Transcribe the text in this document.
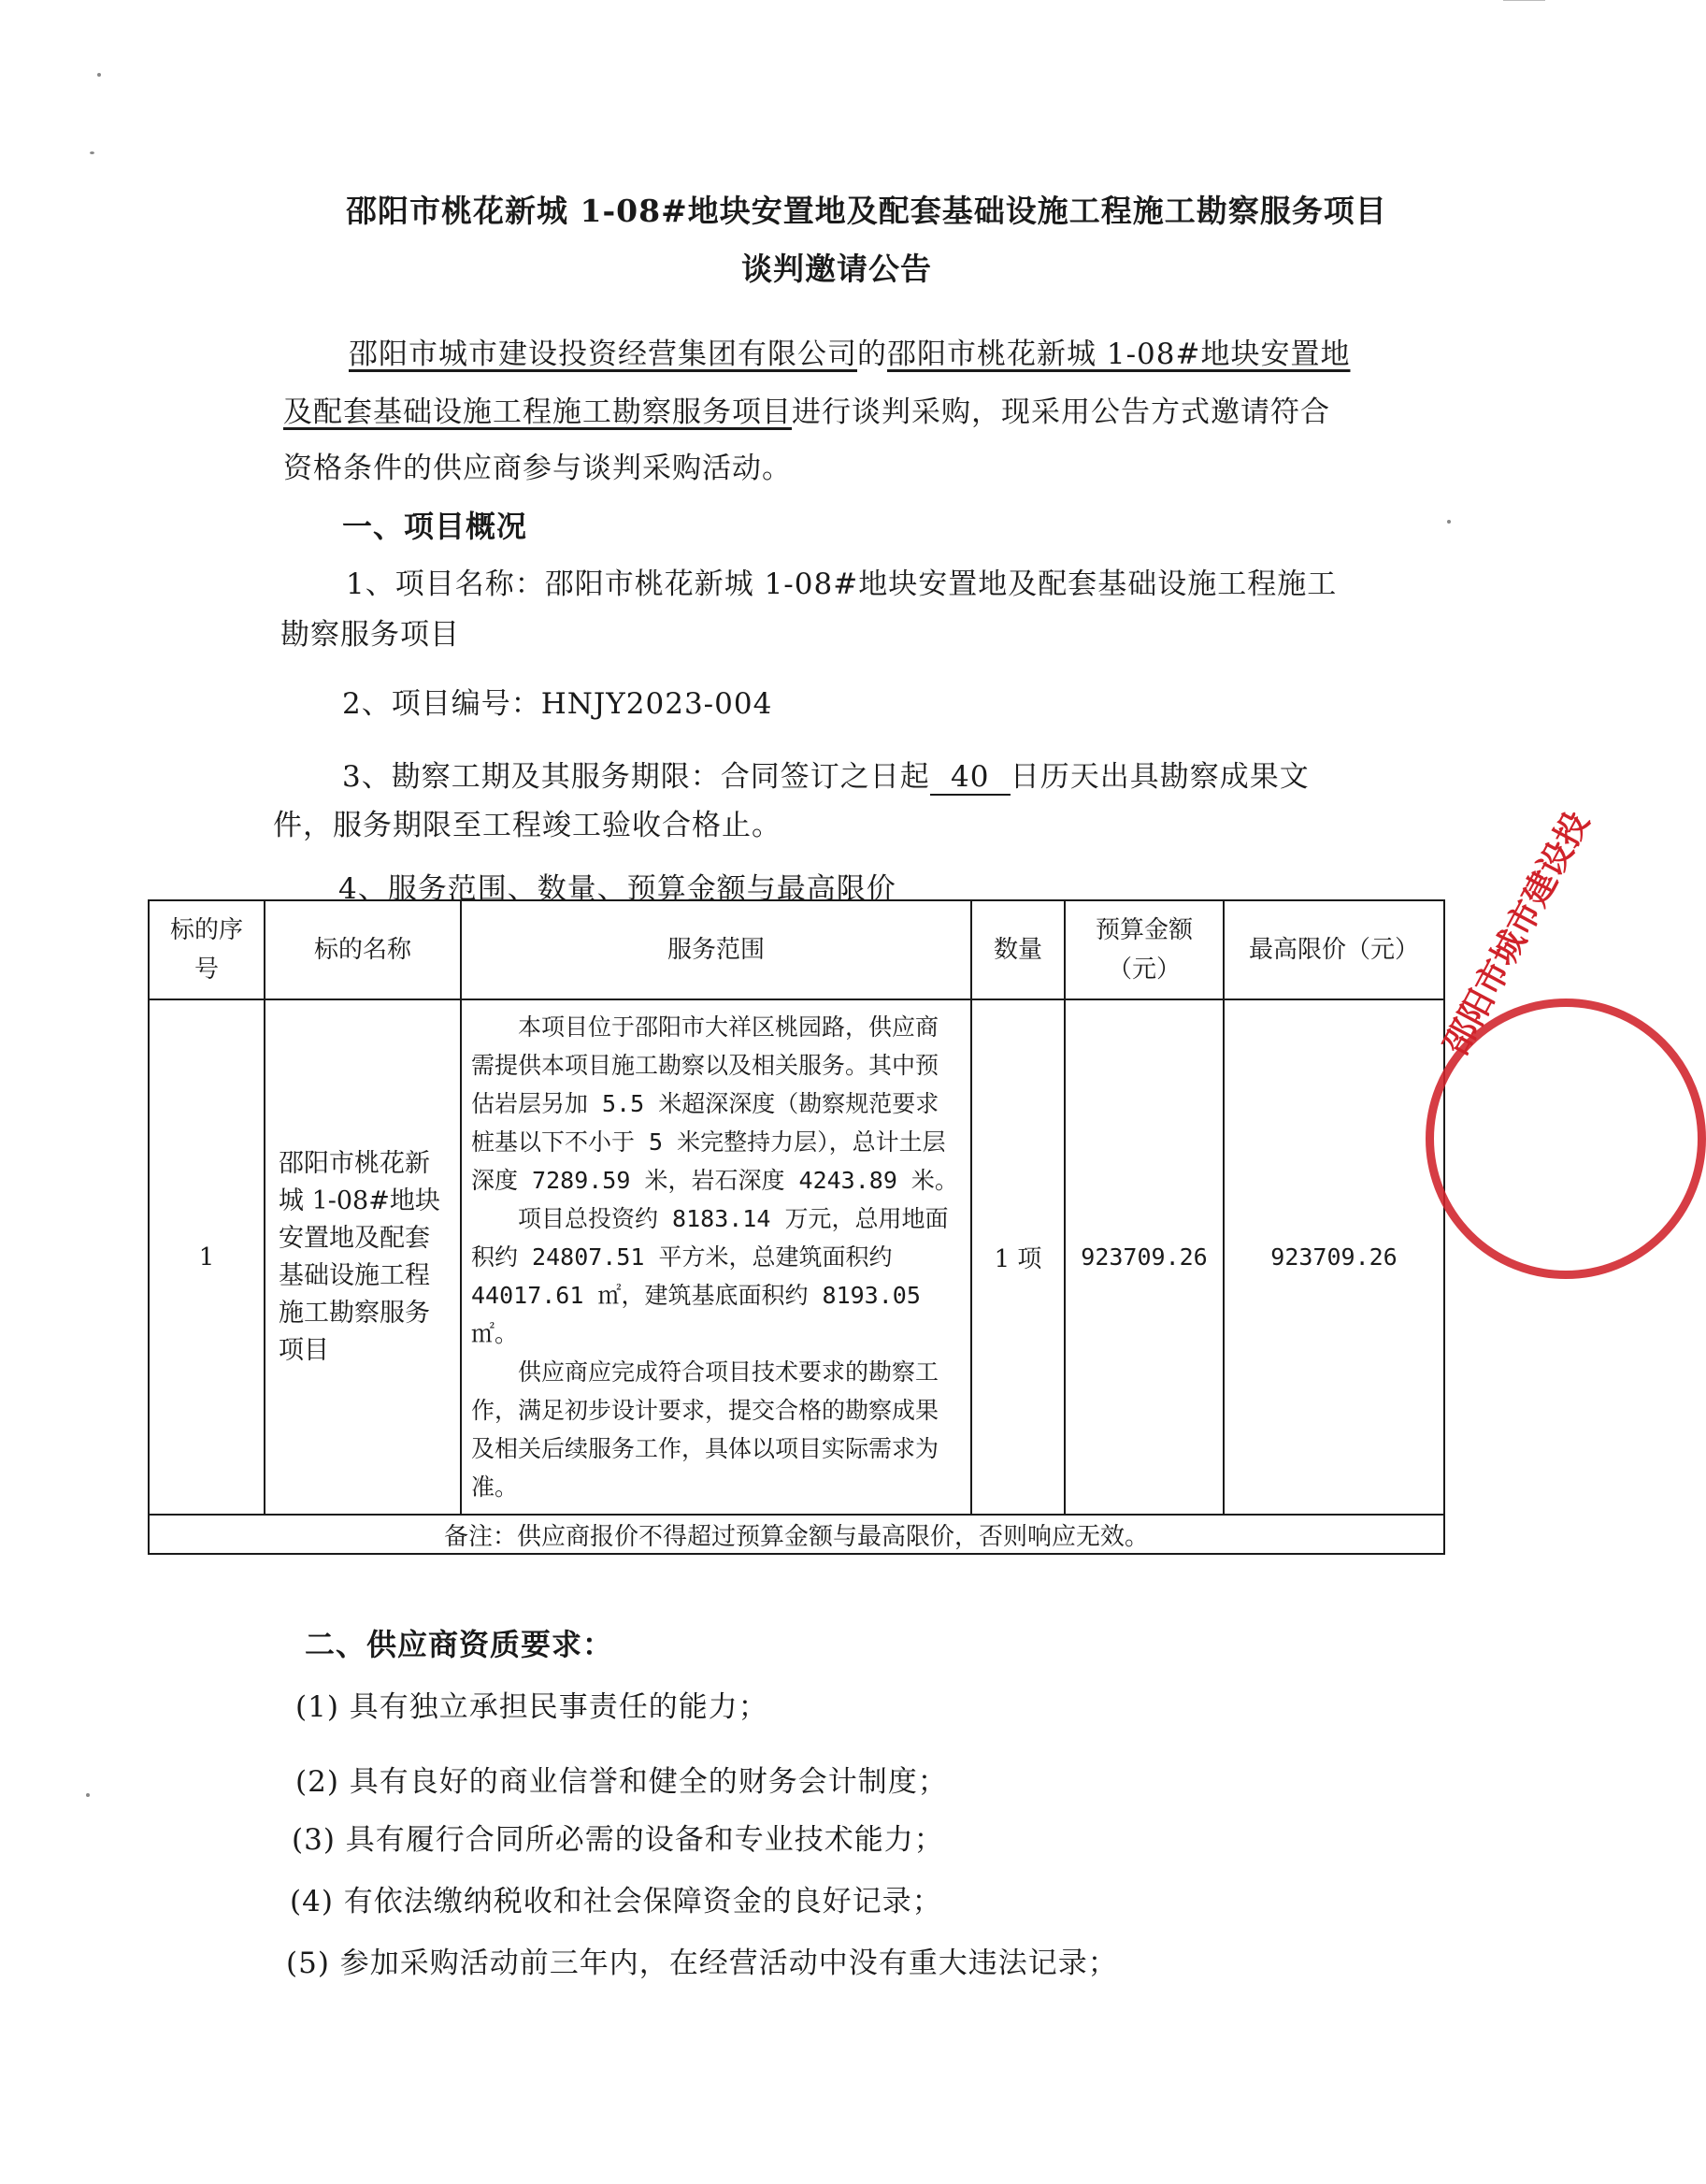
邵阳市桃花新城 1-08#地块安置地及配套基础设施工程施工勘察服务项目
谈判邀请公告
邵阳市城市建设投资经营集团有限公司的邵阳市桃花新城 1-08#地块安置地
及配套基础设施工程施工勘察服务项目进行谈判采购，现采用公告方式邀请符合
资格条件的供应商参与谈判采购活动。
一、项目概况
1、项目名称：邵阳市桃花新城 1-08#地块安置地及配套基础设施工程施工
勘察服务项目
2、项目编号：HNJY2023-004
3、勘察工期及其服务期限：合同签订之日起 40 日历天出具勘察成果文
件，服务期限至工程竣工验收合格止。
4、服务范围、数量、预算金额与最高限价
标的序号	标的名称	服务范围	数量	预算金额（元）	最高限价（元）
1	邵阳市桃花新城 1-08#地块安置地及配套基础设施工程施工勘察服务项目	本项目位于邵阳市大祥区桃园路，供应商需提供本项目施工勘察以及相关服务。其中预估岩层另加 5.5 米超深深度（勘察规范要求桩基以下不小于 5 米完整持力层），总计土层深度 7289.59 米，岩石深度 4243.89 米。

项目总投资约 8183.14 万元，总用地面积约 24807.51 平方米，总建筑面积约 44017.61 ㎡，建筑基底面积约 8193.05 ㎡。

供应商应完成符合项目技术要求的勘察工作，满足初步设计要求，提交合格的勘察成果及相关后续服务工作，具体以项目实际需求为准。	1 项	923709.26	923709.26
备注：供应商报价不得超过预算金额与最高限价，否则响应无效。					
邵阳市城市建设投
二、供应商资质要求：
(1) 具有独立承担民事责任的能力；
(2) 具有良好的商业信誉和健全的财务会计制度；
(3) 具有履行合同所必需的设备和专业技术能力；
(4) 有依法缴纳税收和社会保障资金的良好记录；
(5) 参加采购活动前三年内，在经营活动中没有重大违法记录；
